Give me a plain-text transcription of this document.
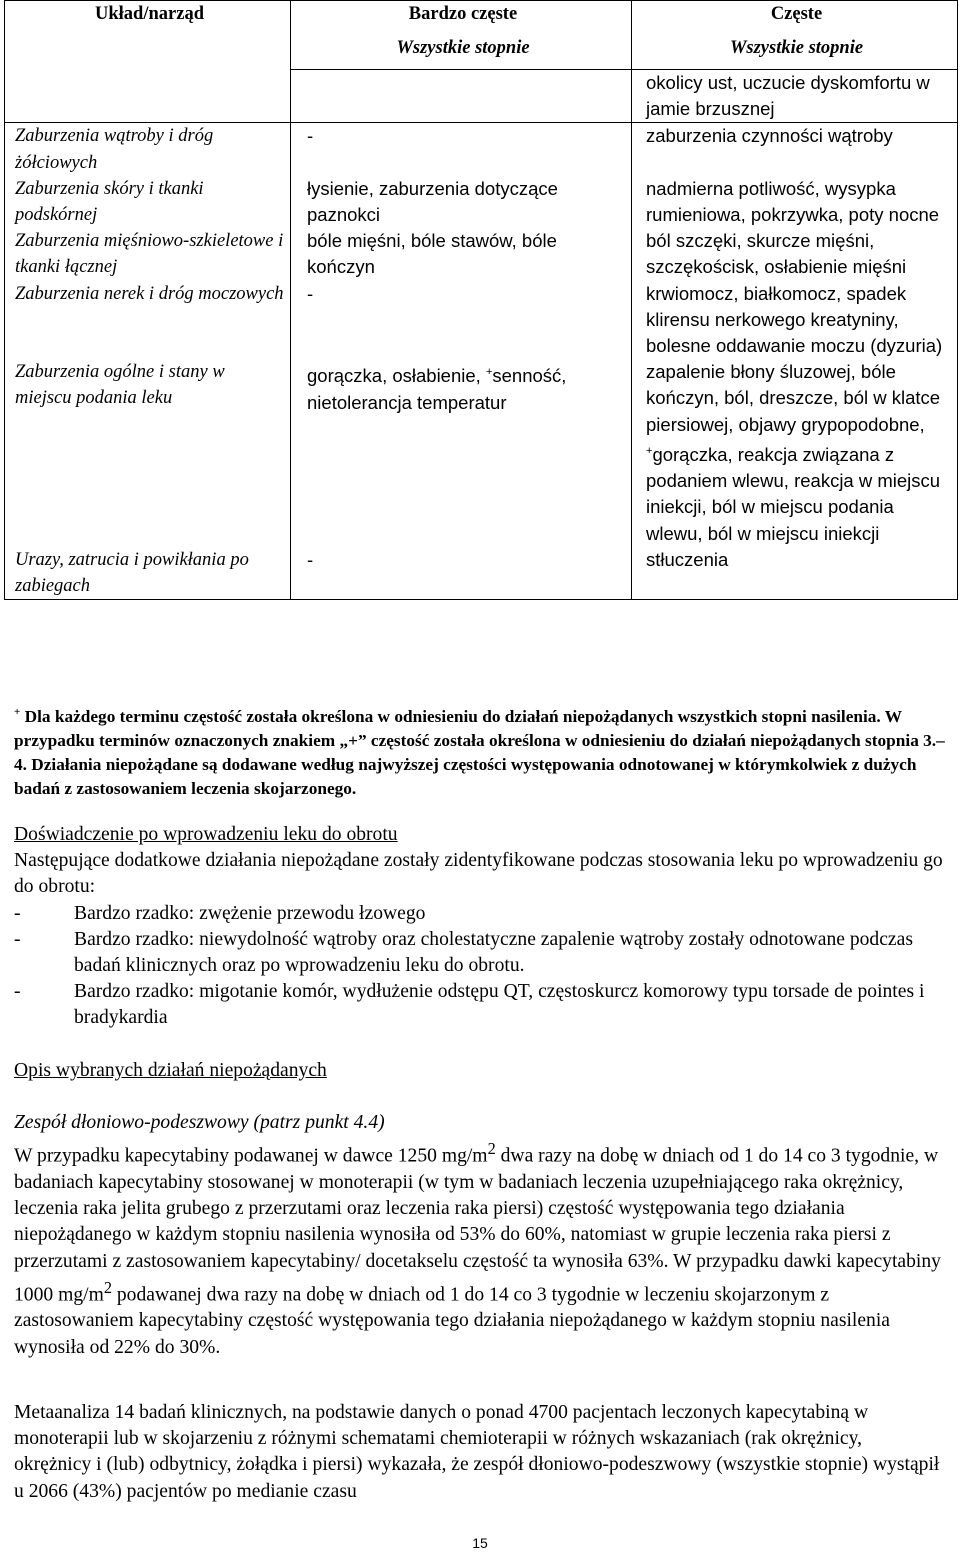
Układ/narząd	Bardzo częste	Częste
	Wszystkie stopnie	Wszystkie stopnie
		okolicy ust, uczucie dyskomfortu w jamie brzusznej
Zaburzenia wątroby i dróg żółciowych	-	zaburzenia czynności wątroby
Zaburzenia skóry i tkanki podskórnej	łysienie, zaburzenia dotyczące paznokci	nadmierna potliwość, wysypka rumieniowa, pokrzywka, poty nocne
Zaburzenia mięśniowo-szkieletowe i tkanki łącznej	bóle mięśni, bóle stawów, bóle kończyn	ból szczęki, skurcze mięśni, szczękościsk, osłabienie mięśni
Zaburzenia nerek i dróg moczowych	-	krwiomocz, białkomocz, spadek klirensu nerkowego kreatyniny, bolesne oddawanie moczu (dyzuria)
Zaburzenia ogólne i stany w miejscu podania leku	gorączka, osłabienie, +senność, nietolerancja temperatur	zapalenie błony śluzowej, bóle kończyn, ból, dreszcze, ból w klatce piersiowej, objawy grypopodobne, +gorączka, reakcja związana z podaniem wlewu, reakcja w miejscu iniekcji, ból w miejscu podania wlewu, ból w miejscu iniekcji
Urazy, zatrucia i powikłania po zabiegach	-	stłuczenia
+ Dla każdego terminu częstość została określona w odniesieniu do działań niepożądanych wszystkich stopni nasilenia. W przypadku terminów oznaczonych znakiem „+” częstość została określona w odniesieniu do działań niepożądanych stopnia 3.–4. Działania niepożądane są dodawane według najwyższej częstości występowania odnotowanej w którymkolwiek z dużych badań z zastosowaniem leczenia skojarzonego.
Doświadczenie po wprowadzeniu leku do obrotu
Następujące dodatkowe działania niepożądane zostały zidentyfikowane podczas stosowania leku po wprowadzeniu go do obrotu:
-	Bardzo rzadko: zwężenie przewodu łzowego
-	Bardzo rzadko: niewydolność wątroby oraz cholestatyczne zapalenie wątroby zostały odnotowane podczas badań klinicznych oraz po wprowadzeniu leku do obrotu.
-	Bardzo rzadko: migotanie komór, wydłużenie odstępu QT, częstoskurcz komorowy typu torsade de pointes i bradykardia
Opis wybranych działań niepożądanych
Zespół dłoniowo-podeszwowy (patrz punkt 4.4)
W przypadku kapecytabiny podawanej w dawce 1250 $mg/m^2$ dwa razy na dobę w dniach od 1 do 14 co 3 tygodnie, w badaniach kapecytabiny stosowanej w monoterapii (w tym w badaniach leczenia uzupełniającego raka okrężnicy, leczenia raka jelita grubego z przerzutami oraz leczenia raka piersi) częstość występowania tego działania niepożądanego w każdym stopniu nasilenia wynosiła od 53% do 60%, natomiast w grupie leczenia raka piersi z przerzutami z zastosowaniem kapecytabiny/ docetakselu częstość ta wynosiła 63%. W przypadku dawki kapecytabiny 1000 $mg/m^2$ podawanej dwa razy na dobę w dniach od 1 do 14 co 3 tygodnie w leczeniu skojarzonym z zastosowaniem kapecytabiny częstość występowania tego działania niepożądanego w każdym stopniu nasilenia wynosiła od 22% do 30%.
Metaanaliza 14 badań klinicznych, na podstawie danych o ponad 4700 pacjentach leczonych kapecytabiną w monoterapii lub w skojarzeniu z różnymi schematami chemioterapii w różnych wskazaniach (rak okrężnicy, okrężnicy i (lub) odbytnicy, żołądka i piersi) wykazała, że zespół dłoniowo-podeszwowy (wszystkie stopnie) wystąpił u 2066 (43%) pacjentów po medianie czasu
15
